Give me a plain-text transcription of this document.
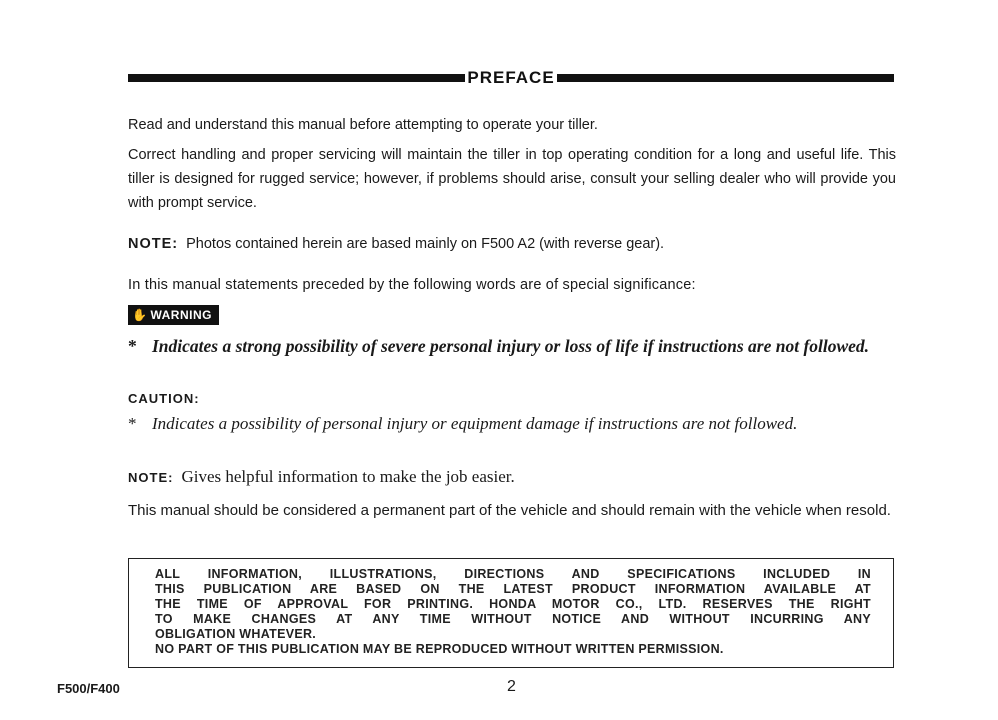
PREFACE

Read and understand this manual before attempting to operate your tiller.

Correct handling and proper servicing will maintain the tiller in top operating condition for a long and useful life. This tiller is designed for rugged service; however, if problems should arise, consult your selling dealer who will provide you with prompt service.

NOTE: Photos contained herein are based mainly on F500 A2 (with reverse gear).

In this manual statements preceded by the following words are of special significance:

✋ WARNING
* Indicates a strong possibility of severe personal injury or loss of life if instructions are not followed.
CAUTION:
* Indicates a possibility of personal injury or equipment damage if instructions are not followed.
NOTE: Gives helpful information to make the job easier.

This manual should be considered a permanent part of the vehicle and should remain with the vehicle when resold.

ALL INFORMATION, ILLUSTRATIONS, DIRECTIONS AND SPECIFICATIONS INCLUDED IN
THIS PUBLICATION ARE BASED ON THE LATEST PRODUCT INFORMATION AVAILABLE AT
THE TIME OF APPROVAL FOR PRINTING. HONDA MOTOR CO., LTD. RESERVES THE RIGHT
TO MAKE CHANGES AT ANY TIME WITHOUT NOTICE AND WITHOUT INCURRING ANY
OBLIGATION WHATEVER.
NO PART OF THIS PUBLICATION MAY BE REPRODUCED WITHOUT WRITTEN PERMISSION.
F500/F400	2
